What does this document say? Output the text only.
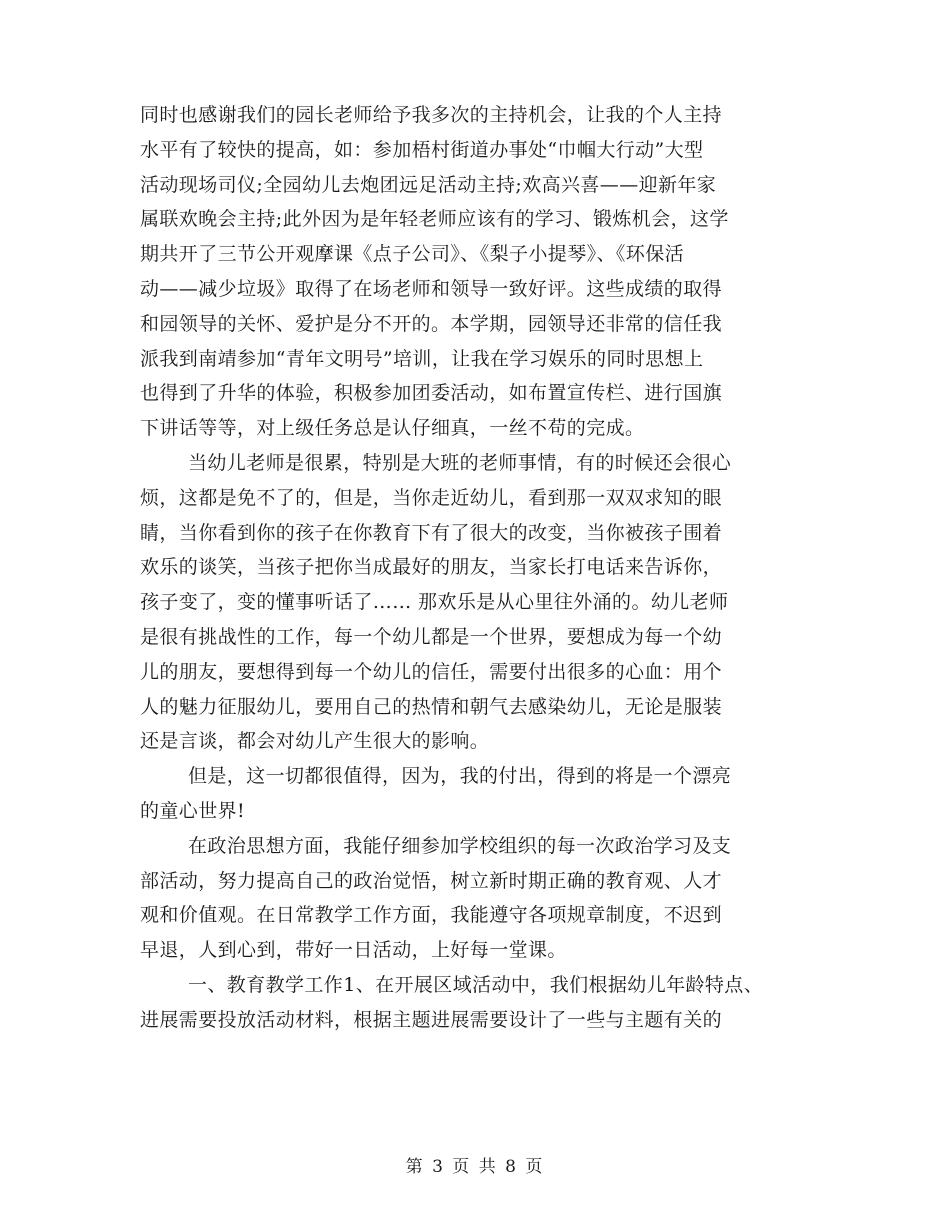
同时也感谢我们的园长老师给予我多次的主持机会，让我的个人主持
水平有了较快的提高，如：参加梧村街道办事处“巾帼大行动”大型
活动现场司仪;全园幼儿去炮团远足活动主持;欢高兴喜——迎新年家
属联欢晚会主持;此外因为是年轻老师应该有的学习、锻炼机会，这学
期共开了三节公开观摩课《点子公司》、《梨子小提琴》、《环保活
动——减少垃圾》取得了在场老师和领导一致好评。这些成绩的取得
和园领导的关怀、爱护是分不开的。本学期，园领导还非常的信任我
派我到南靖参加“青年文明号”培训，让我在学习娱乐的同时思想上
也得到了升华的体验，积极参加团委活动，如布置宣传栏、进行国旗
下讲话等等，对上级任务总是认仔细真，一丝不苟的完成。
当幼儿老师是很累，特别是大班的老师事情，有的时候还会很心
烦，这都是免不了的，但是，当你走近幼儿，看到那一双双求知的眼
睛，当你看到你的孩子在你教育下有了很大的改变，当你被孩子围着
欢乐的谈笑，当孩子把你当成最好的朋友，当家长打电话来告诉你，
孩子变了，变的懂事听话了…… 那欢乐是从心里往外涌的。幼儿老师
是很有挑战性的工作，每一个幼儿都是一个世界，要想成为每一个幼
儿的朋友，要想得到每一个幼儿的信任，需要付出很多的心血：用个
人的魅力征服幼儿，要用自己的热情和朝气去感染幼儿，无论是服装
还是言谈，都会对幼儿产生很大的影响。
但是，这一切都很值得，因为，我的付出，得到的将是一个漂亮
的童心世界!
在政治思想方面，我能仔细参加学校组织的每一次政治学习及支
部活动，努力提高自己的政治觉悟，树立新时期正确的教育观、人才
观和价值观。在日常教学工作方面，我能遵守各项规章制度，不迟到
早退，人到心到，带好一日活动，上好每一堂课。
一、教育教学工作1、在开展区域活动中，我们根据幼儿年龄特点、
进展需要投放活动材料，根据主题进展需要设计了一些与主题有关的
第 3 页 共 8 页
